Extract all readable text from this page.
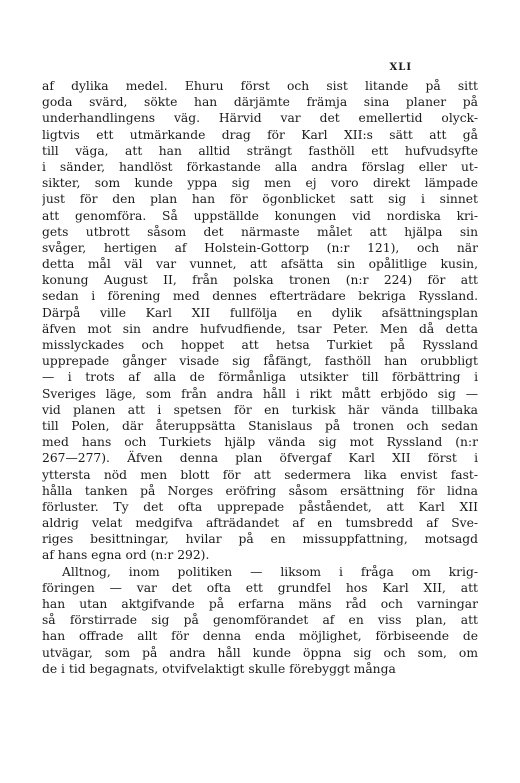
XLI
af dylika medel. Ehuru först och sist litande på sitt
goda svärd, sökte han därjämte främja sina planer på
underhandlingens väg. Härvid var det emellertid olyck-
ligtvis ett utmärkande drag för Karl XII:s sätt att gå
till väga, att han alltid strängt fasthöll ett hufvudsyfte
i sänder, handlöst förkastande alla andra förslag eller ut-
sikter, som kunde yppa sig men ej voro direkt lämpade
just för den plan han för ögonblicket satt sig i sinnet
att genomföra. Så uppställde konungen vid nordiska kri-
gets utbrott såsom det närmaste målet att hjälpa sin
svåger, hertigen af Holstein-Gottorp (n:r 121), och när
detta mål väl var vunnet, att afsätta sin opålitlige kusin,
konung August II, från polska tronen (n:r 224) för att
sedan i förening med dennes efterträdare bekriga Ryssland.
Därpå ville Karl XII fullfölja en dylik afsättningsplan
äfven mot sin andre hufvudfiende, tsar Peter. Men då detta
misslyckades och hoppet att hetsa Turkiet på Ryssland
upprepade gånger visade sig fåfängt, fasthöll han orubbligt
— i trots af alla de förmånliga utsikter till förbättring i
Sveriges läge, som från andra håll i rikt mått erbjödo sig —
vid planen att i spetsen för en turkisk här vända tillbaka
till Polen, där återuppsätta Stanislaus på tronen och sedan
med hans och Turkiets hjälp vända sig mot Ryssland (n:r
267—277). Äfven denna plan öfvergaf Karl XII först i
yttersta nöd men blott för att sedermera lika envist fast-
hålla tanken på Norges eröfring såsom ersättning för lidna
förluster. Ty det ofta upprepade påståendet, att Karl XII
aldrig velat medgifva afträdandet af en tumsbredd af Sve-
riges besittningar, hvilar på en missuppfattning, motsagd
af hans egna ord (n:r 292).
Alltnog, inom politiken — liksom i fråga om krig-
föringen — var det ofta ett grundfel hos Karl XII, att
han utan aktgifvande på erfarna mäns råd och varningar
så förstirrade sig på genomförandet af en viss plan, att
han offrade allt för denna enda möjlighet, förbiseende de
utvägar, som på andra håll kunde öppna sig och som, om
de i tid begagnats, otvifvelaktigt skulle förebyggt många
